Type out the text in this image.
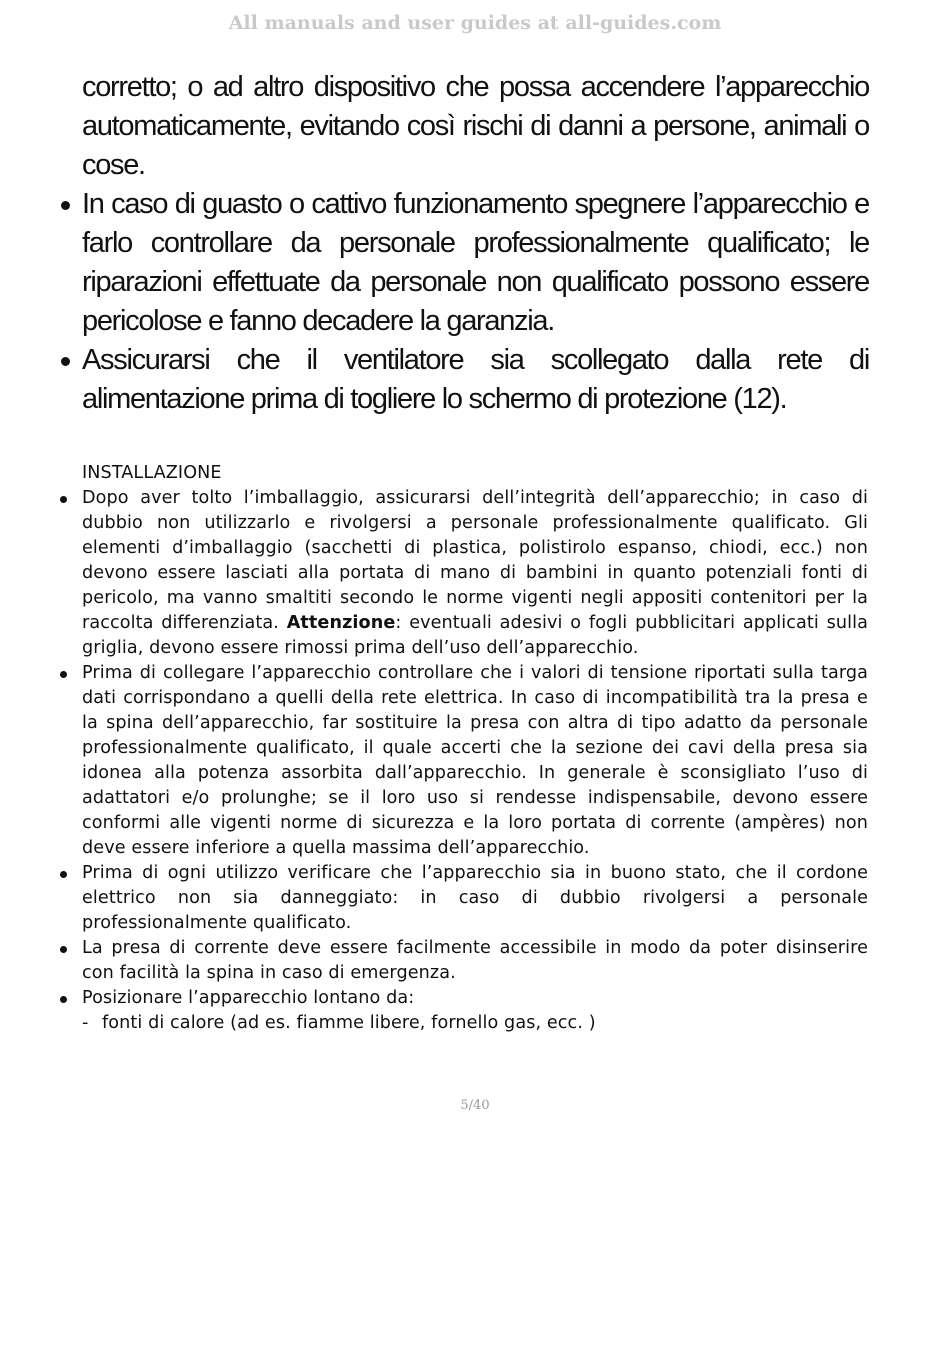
All manuals and user guides at all-guides.com

corretto; o ad altro dispositivo che possa accendere l’apparecchio automaticamente, evitando così rischi di danni a persone, animali o cose.

In caso di guasto o cattivo funzionamento spegnere l’apparecchio e farlo controllare da personale professionalmente qualificato; le riparazioni effettuate da personale non qualificato possono essere pericolose e fanno decadere la garanzia.
Assicurarsi che il ventilatore sia scollegato dalla rete di alimentazione prima di togliere lo schermo di protezione (12).
INSTALLAZIONE
Dopo aver tolto l’imballaggio, assicurarsi dell’integrità dell’apparecchio; in caso di dubbio non utilizzarlo e rivolgersi a personale professionalmente qualificato. Gli elementi d’imballaggio (sacchetti di plastica, polistirolo espanso, chiodi, ecc.) non devono essere lasciati alla portata di mano di bambini in quanto potenziali fonti di pericolo, ma vanno smaltiti secondo le norme vigenti negli appositi contenitori per la raccolta differenziata. Attenzione: eventuali adesivi o fogli pubblicitari applicati sulla griglia, devono essere rimossi prima dell’uso dell’apparecchio.
Prima di collegare l’apparecchio controllare che i valori di tensione riportati sulla targa dati corrispondano a quelli della rete elettrica. In caso di incompatibilità tra la presa e la spina dell’apparecchio, far sostituire la presa con altra di tipo adatto da personale professionalmente qualificato, il quale accerti che la sezione dei cavi della presa sia idonea alla potenza assorbita dall’apparecchio. In generale è sconsigliato l’uso di adattatori e/o prolunghe; se il loro uso si rendesse indispensabile, devono essere conformi alle vigenti norme di sicurezza e la loro portata di corrente (ampères) non deve essere inferiore a quella massima dell’apparecchio.
Prima di ogni utilizzo verificare che l’apparecchio sia in buono stato, che il cordone elettrico non sia danneggiato: in caso di dubbio rivolgersi a personale professionalmente qualificato.
La presa di corrente deve essere facilmente accessibile in modo da poter disinserire con facilità la spina in caso di emergenza.
Posizionare l’apparecchio lontano da:
- fonti di calore (ad es. fiamme libere, fornello gas, ecc. )
5/40
